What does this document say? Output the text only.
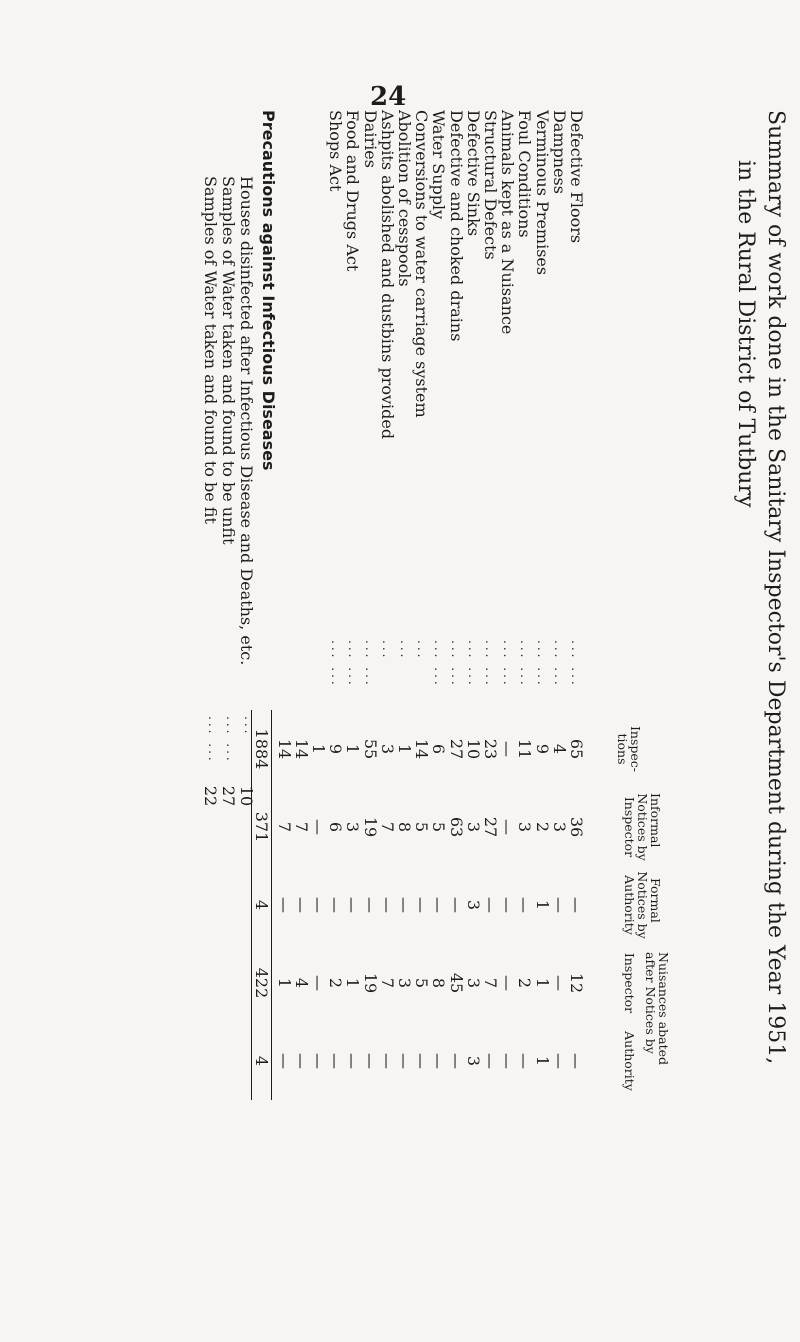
24
Summary of work done in the Sanitary Inspector's Department during the Year 1951,
in the Rural District of Tutbury
Inspec-
tions
Informal
Notices by
Inspector
Formal
Notices by
Authority
Nuisances abated
after Notices by
Inspector
Authority
Defective Floors
... ...
65
36
—
12
—
Dampness
... ...
4
3
—
—
—
Verminous Premises
... ...
9
2
1
1
1
Foul Conditions
... ...
11
3
—
2
—
Animals kept as a Nuisance
... ...
—
—
—
—
—
Structural Defects
... ...
23
27
—
7
—
Defective Sinks
... ...
10
3
3
3
3
Defective and choked drains
... ...
27
63
—
45
—
Water Supply
... ...
6
5
—
8
—
Conversions to water carriage system
...
14
5
—
5
—
Abolition of cesspools
...
1
8
—
3
—
Ashpits abolished and dustbins provided
...
3
7
—
7
—
Dairies
... ...
55
19
—
19
—
Food and Drugs Act
... ...
1
3
—
1
—
Shops Act
... ...
9
6
—
2
—
1
—
—
—
—
14
7
—
4
—
14
7
—
1
—
1884
371
4
422
4
Precautions against Infectious Diseases
Houses disinfected after Infectious Disease and Deaths, etc.
...
10
Samples of Water taken and found to be unfit
... ...
27
Samples of Water taken and found to be fit
... ...
22
